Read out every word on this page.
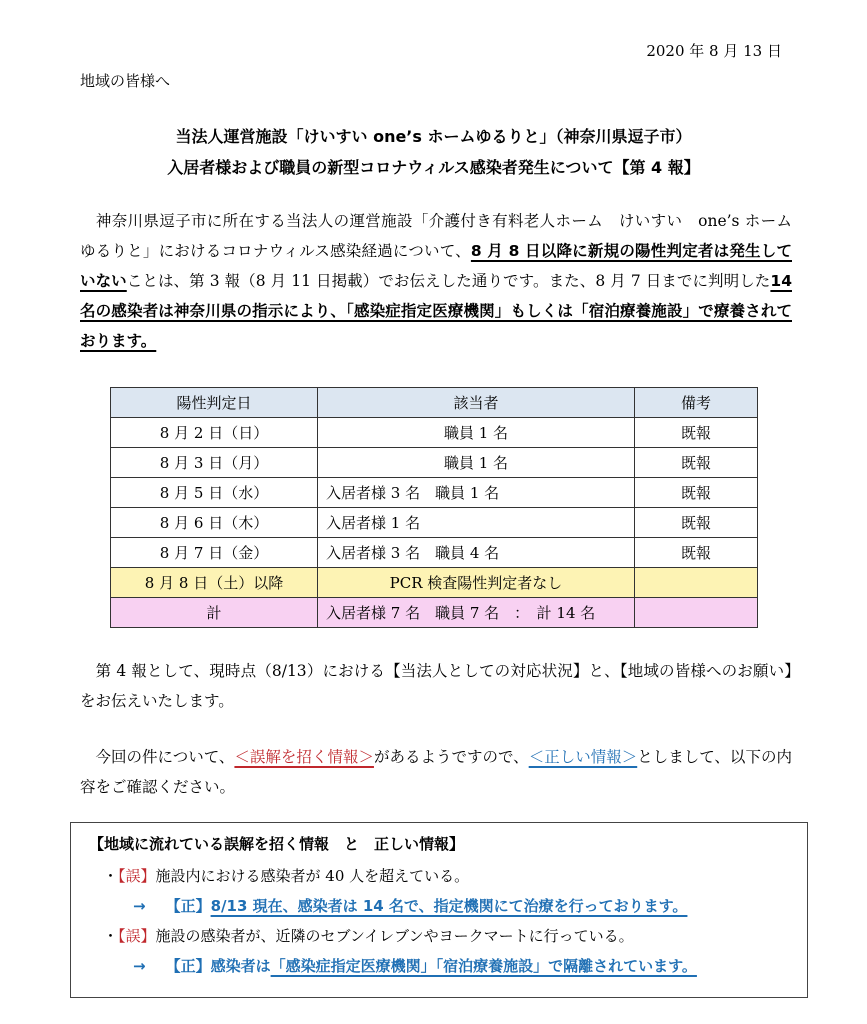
2020 年 8 月 13 日
地域の皆様へ
当法人運営施設「けいすい one’s ホームゆるりと」（神奈川県逗子市）
入居者様および職員の新型コロナウィルス感染者発生について【第 4 報】
 神奈川県逗子市に所在する当法人の運営施設「介護付き有料老人ホーム　けいすい　one’s ホームゆるりと」におけるコロナウィルス感染経過について、8 月 8 日以降に新規の陽性判定者は発生していないことは、第 3 報（8 月 11 日掲載）でお伝えした通りです。また、8 月 7 日までに判明した14 名の感染者は神奈川県の指示により、「感染症指定医療機関」もしくは「宿泊療養施設」で療養されております。
陽性判定日	該当者	備考
8 月 2 日（日）	職員 1 名	既報
8 月 3 日（月）	職員 1 名	既報
8 月 5 日（水）	入居者様 3 名　職員 1 名	既報
8 月 6 日（木）	入居者様 1 名	既報
8 月 7 日（金）	入居者様 3 名　職員 4 名	既報
8 月 8 日（土）以降	PCR 検査陽性判定者なし	
計	入居者様 7 名　職員 7 名　：　計 14 名	
 第 4 報として、現時点（8/13）における【当法人としての対応状況】と、【地域の皆様へのお願い】をお伝えいたします。
 今回の件について、＜誤解を招く情報＞があるようですので、＜正しい情報＞としまして、以下の内容をご確認ください。
【地域に流れている誤解を招く情報　と　正しい情報】
・【誤】施設内における感染者が 40 人を超えている。
→ 【正】8/13 現在、感染者は 14 名で、指定機関にて治療を行っております。
・【誤】施設の感染者が、近隣のセブンイレブンやヨークマートに行っている。
→ 【正】感染者は「感染症指定医療機関」「宿泊療養施設」で隔離されています。
